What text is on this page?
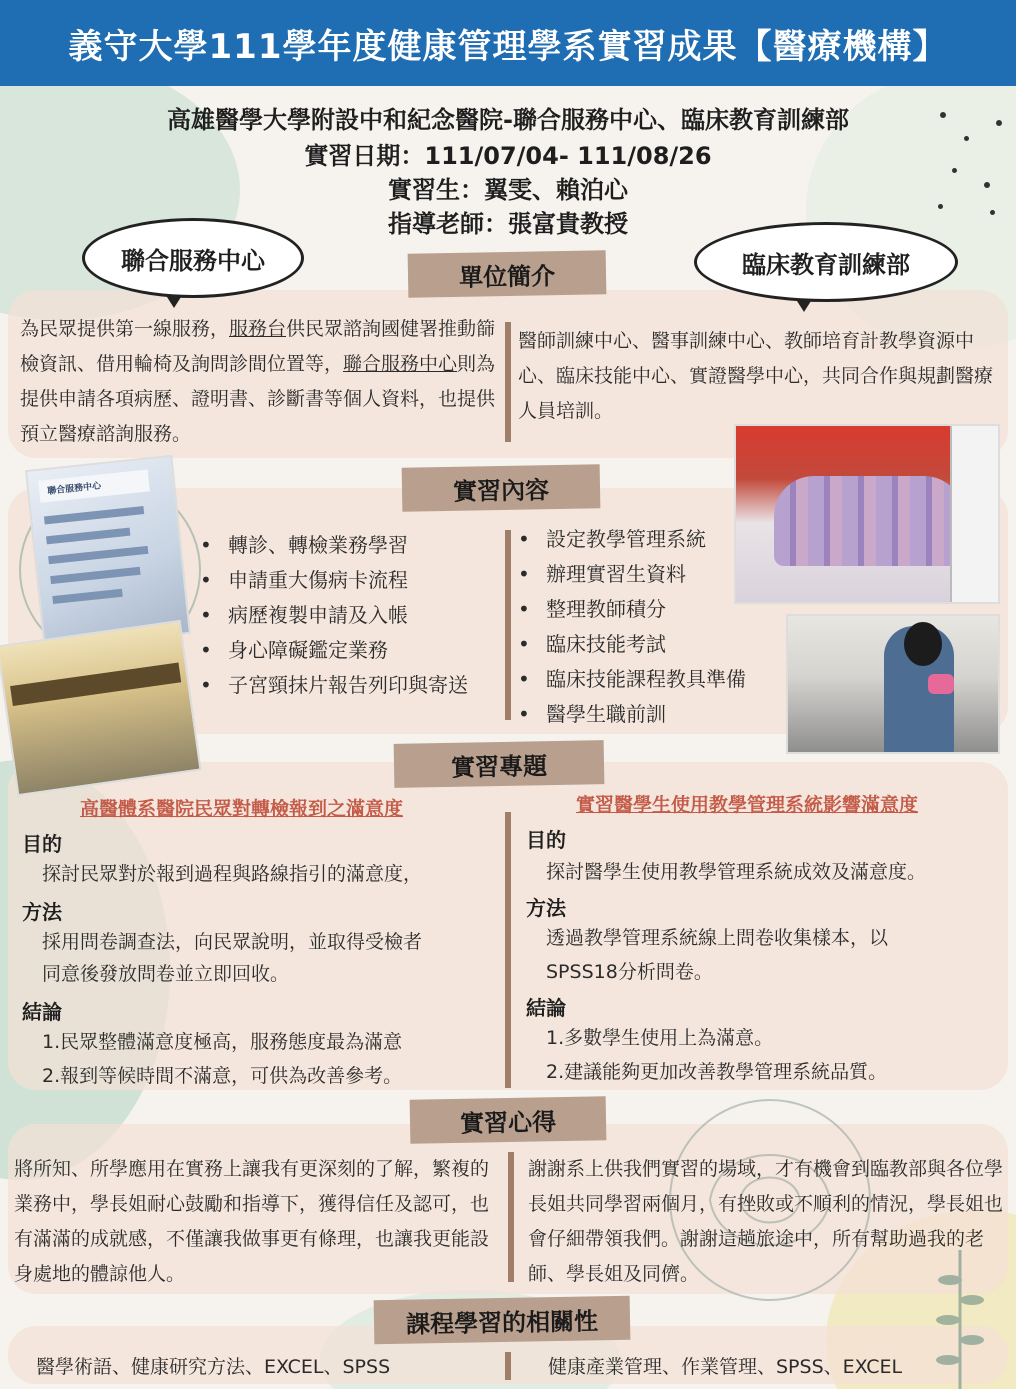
義守大學111學年度健康管理學系實習成果【醫療機構】
高雄醫學大學附設中和紀念醫院-聯合服務中心、臨床教育訓練部
實習日期：111/07/04- 111/08/26
實習生：翼雯、賴泊心
指導老師：張富貴教授
聯合服務中心	臨床教育訓練部
單位簡介
實習內容
實習專題
實習心得
課程學習的相關性
為民眾提供第一線服務，服務台供民眾諮詢國健署推動篩檢資訊、借用輪椅及詢問診間位置等，聯合服務中心則為提供申請各項病歷、證明書、診斷書等個人資料，也提供預立醫療諮詢服務。
醫師訓練中心、醫事訓練中心、教師培育計教學資源中心、臨床技能中心、實證醫學中心，共同合作與規劃醫療人員培訓。
聯合服務中心
• 轉診、轉檢業務學習
• 申請重大傷病卡流程
• 病歷複製申請及入帳
• 身心障礙鑑定業務
• 子宮頸抹片報告列印與寄送
• 設定教學管理系統
• 辦理實習生資料
• 整理教師積分
• 臨床技能考試
• 臨床技能課程教具準備
• 醫學生職前訓
高醫體系醫院民眾對轉檢報到之滿意度
目的
探討民眾對於報到過程與路線指引的滿意度，
方法
採用問卷調查法，向民眾說明，並取得受檢者
同意後發放問卷並立即回收。
結論
1.民眾整體滿意度極高，服務態度最為滿意
2.報到等候時間不滿意，可供為改善參考。
實習醫學生使用教學管理系統影響滿意度
目的
探討醫學生使用教學管理系統成效及滿意度。
方法
透過教學管理系統線上問卷收集樣本，以
SPSS18分析問卷。
結論
1.多數學生使用上為滿意。
2.建議能夠更加改善教學管理系統品質。
將所知、所學應用在實務上讓我有更深刻的了解，繁複的業務中，學長姐耐心鼓勵和指導下，獲得信任及認可，也有滿滿的成就感，不僅讓我做事更有條理，也讓我更能設身處地的體諒他人。
謝謝系上供我們實習的場域，才有機會到臨教部與各位學長姐共同學習兩個月，有挫敗或不順利的情況，學長姐也會仔細帶領我們。謝謝這趟旅途中，所有幫助過我的老師、學長姐及同儕。
醫學術語、健康研究方法、EXCEL、SPSS	健康產業管理、作業管理、SPSS、EXCEL
